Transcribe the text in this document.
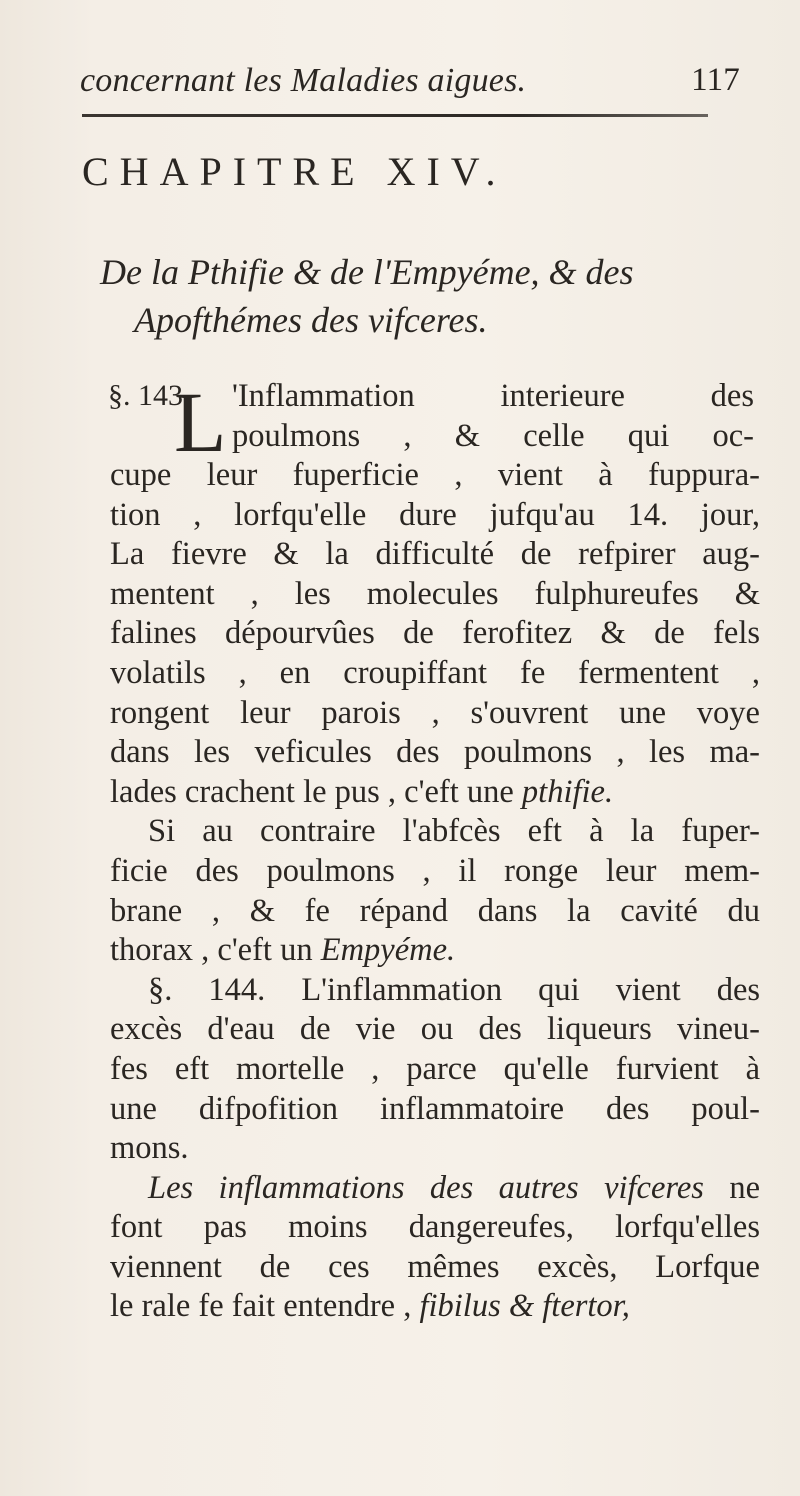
concernant les Maladies aigues.	117
CHAPITRE XIV.
De la Pthifie & de l'Empyéme, & des
Apofthémes des vifceres.
§. 143.
L 'Inflammation interieure des
poulmons , & celle qui oc-
cupe leur fuperficie , vient à fuppura-
tion , lorfqu'elle dure jufqu'au 14. jour,
La fievre & la difficulté de refpirer aug-
mentent , les molecules fulphureufes &
falines dépourvûes de ferofitez & de fels
volatils , en croupiffant fe fermentent ,
rongent leur parois , s'ouvrent une voye
dans les veficules des poulmons , les ma-
lades crachent le pus , c'eft une pthifie.
Si au contraire l'abfcès eft à la fuper-
ficie des poulmons , il ronge leur mem-
brane , & fe répand dans la cavité du
thorax , c'eft un Empyéme.
§. 144. L'inflammation qui vient des
excès d'eau de vie ou des liqueurs vineu-
fes eft mortelle , parce qu'elle furvient à
une difpofition inflammatoire des poul-
mons.
Les inflammations des autres vifceres ne
font pas moins dangereufes, lorfqu'elles
viennent de ces mêmes excès, Lorfque
le rale fe fait entendre , fibilus & ftertor,
